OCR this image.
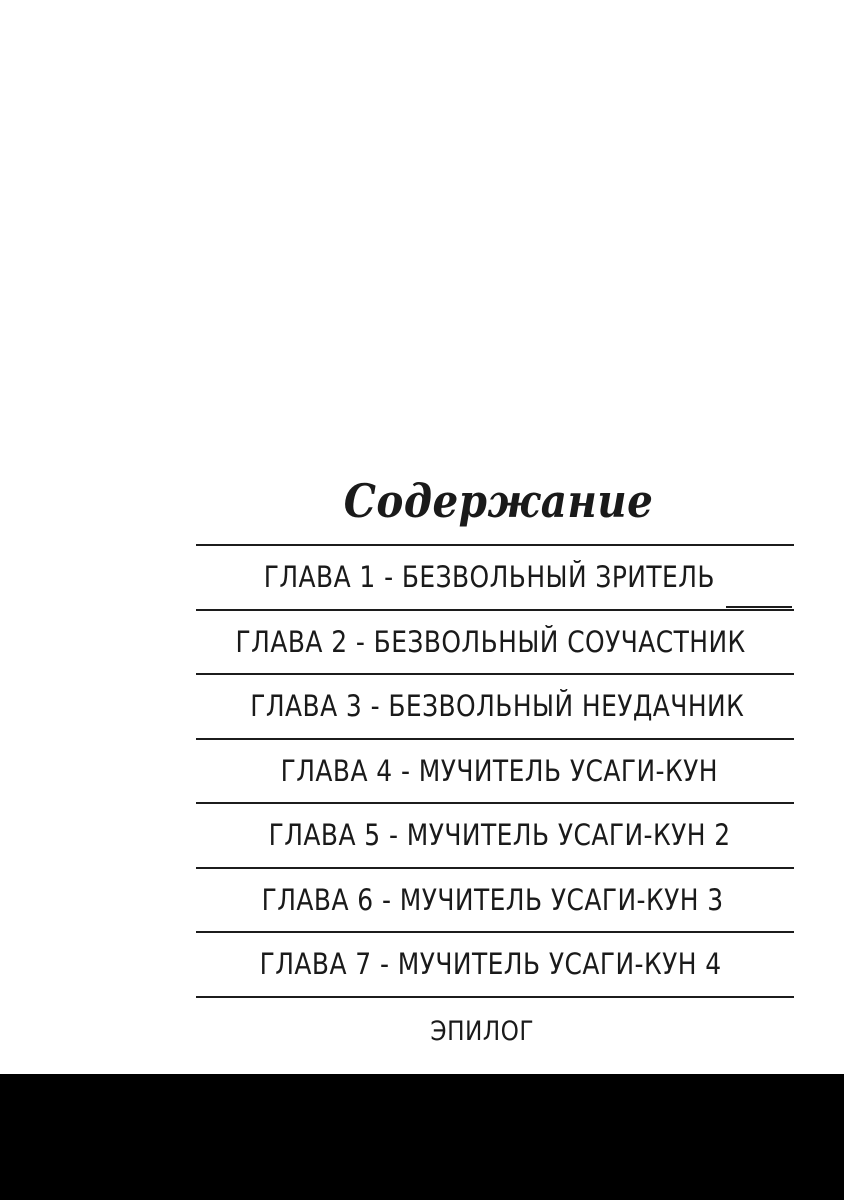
Содержание
ГЛАВА 1 - БЕЗВОЛЬНЫЙ ЗРИТЕЛЬ
ГЛАВА 2 - БЕЗВОЛЬНЫЙ СОУЧАСТНИК
ГЛАВА 3 - БЕЗВОЛЬНЫЙ НЕУДАЧНИК
ГЛАВА 4 - МУЧИТЕЛЬ УСАГИ-КУН
ГЛАВА 5 - МУЧИТЕЛЬ УСАГИ-КУН 2
ГЛАВА 6 - МУЧИТЕЛЬ УСАГИ-КУН 3
ГЛАВА 7 - МУЧИТЕЛЬ УСАГИ-КУН 4
ЭПИЛОГ
